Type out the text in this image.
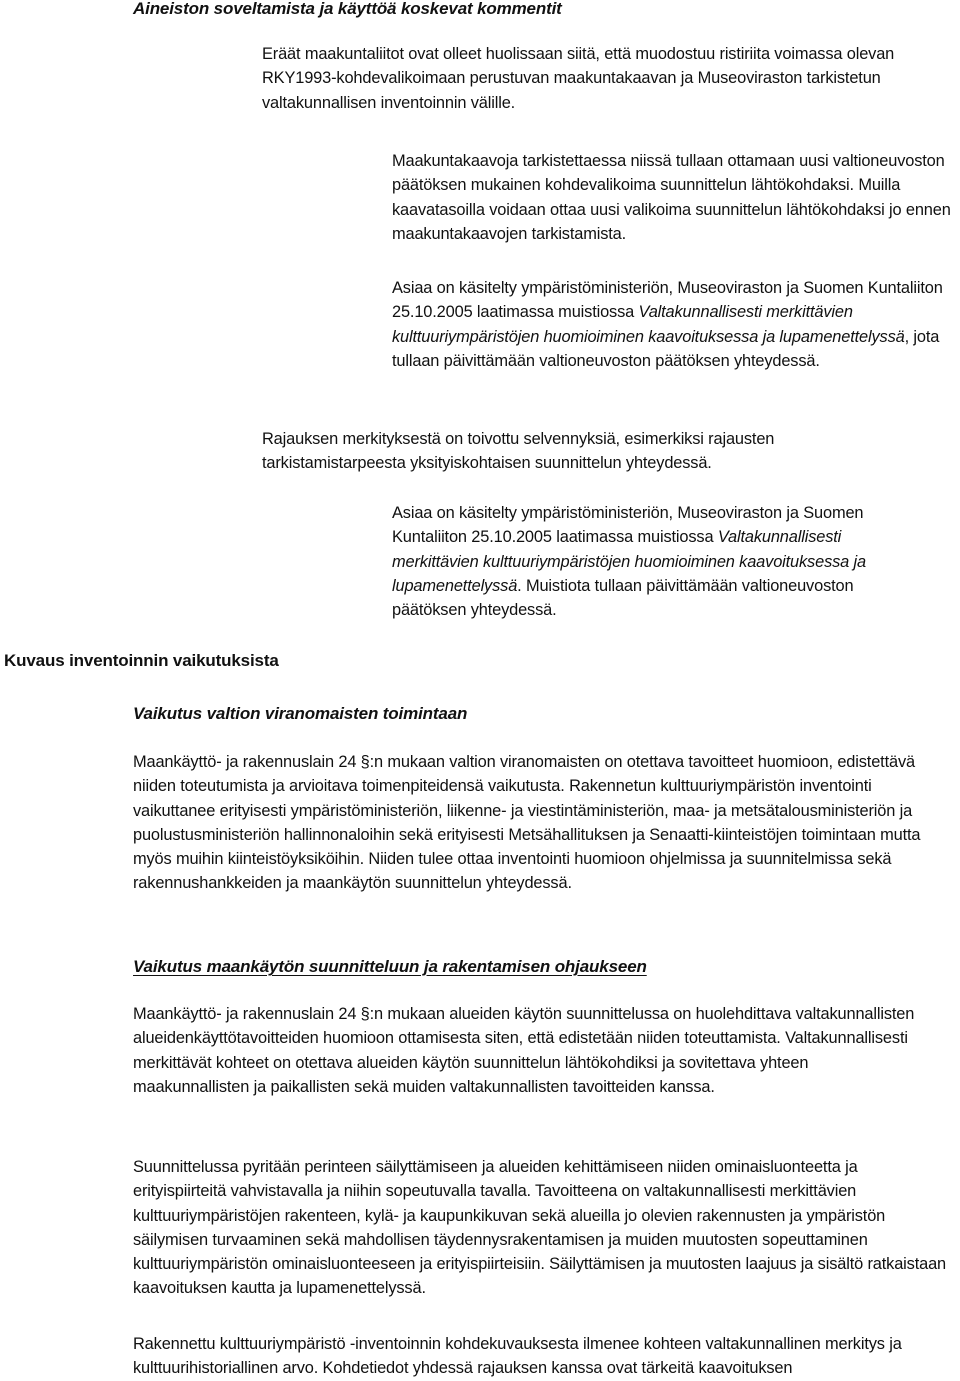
Aineiston soveltamista ja käyttöä koskevat kommentit

Eräät maakuntaliitot ovat olleet huolissaan siitä, että muodostuu ristiriita voimassa olevan RKY1993-kohdevalikoimaan perustuvan maakuntakaavan ja Museoviraston tarkistetun valtakunnallisen inventoinnin välille.

Maakuntakaavoja tarkistettaessa niissä tullaan ottamaan uusi valtioneuvoston päätöksen mukainen kohdevalikoima suunnittelun lähtökohdaksi. Muilla kaavatasoilla voidaan ottaa uusi valikoima suunnittelun lähtökohdaksi jo ennen maakuntakaavojen tarkistamista.

Asiaa on käsitelty ympäristöministeriön, Museoviraston ja Suomen Kuntaliiton 25.10.2005 laatimassa muistiossa Valtakunnallisesti merkittävien kulttuuriympäristöjen huomioiminen kaavoituksessa ja lupamenettelyssä, jota tullaan päivittämään valtioneuvoston päätöksen yhteydessä.

Rajauksen merkityksestä on toivottu selvennyksiä, esimerkiksi rajausten tarkistamistarpeesta yksityiskohtaisen suunnittelun yhteydessä.

Asiaa on käsitelty ympäristöministeriön, Museoviraston ja Suomen Kuntaliiton 25.10.2005 laatimassa muistiossa Valtakunnallisesti merkittävien kulttuuriympäristöjen huomioiminen kaavoituksessa ja lupamenettelyssä. Muistiota tullaan päivittämään valtioneuvoston päätöksen yhteydessä.

Kuvaus inventoinnin vaikutuksista
Vaikutus valtion viranomaisten toimintaan

Maankäyttö- ja rakennuslain 24 §:n mukaan valtion viranomaisten on otettava tavoitteet huomioon, edistettävä niiden toteutumista ja arvioitava toimenpiteidensä vaikutusta. Rakennetun kulttuuriympäristön inventointi vaikuttanee erityisesti ympäristöministeriön, liikenne- ja viestintäministeriön, maa- ja metsätalousministeriön ja puolustusministeriön hallinnonaloihin sekä erityisesti Metsähallituksen ja Senaatti-kiinteistöjen toimintaan mutta myös muihin kiinteistöyksiköihin. Niiden tulee ottaa inventointi huomioon ohjelmissa ja suunnitelmissa sekä rakennushankkeiden ja maankäytön suunnittelun yhteydessä.

Vaikutus maankäytön suunnitteluun ja rakentamisen ohjaukseen

Maankäyttö- ja rakennuslain 24 §:n mukaan alueiden käytön suunnittelussa on huolehdittava valtakunnallisten alueidenkäyttötavoitteiden huomioon ottamisesta siten, että edistetään niiden toteuttamista. Valtakunnallisesti merkittävät kohteet on otettava alueiden käytön suunnittelun lähtökohdiksi ja sovitettava yhteen maakunnallisten ja paikallisten sekä muiden valtakunnallisten tavoitteiden kanssa.

Suunnittelussa pyritään perinteen säilyttämiseen ja alueiden kehittämiseen niiden ominaisluonteetta ja erityispiirteitä vahvistavalla ja niihin sopeutuvalla tavalla. Tavoitteena on valtakunnallisesti merkittävien kulttuuriympäristöjen rakenteen, kylä- ja kaupunkikuvan sekä alueilla jo olevien rakennusten ja ympäristön säilymisen turvaaminen sekä mahdollisen täydennysrakentamisen ja muiden muutosten sopeuttaminen kulttuuriympäristön ominaisluonteeseen ja erityispiirteisiin. Säilyttämisen ja muutosten laajuus ja sisältö ratkaistaan kaavoituksen kautta ja lupamenettelyssä.

Rakennettu kulttuuriympäristö -inventoinnin kohdekuvauksesta ilmenee kohteen valtakunnallinen merkitys ja kulttuurihistoriallinen arvo. Kohdetiedot yhdessä rajauksen kanssa ovat tärkeitä kaavoituksen
